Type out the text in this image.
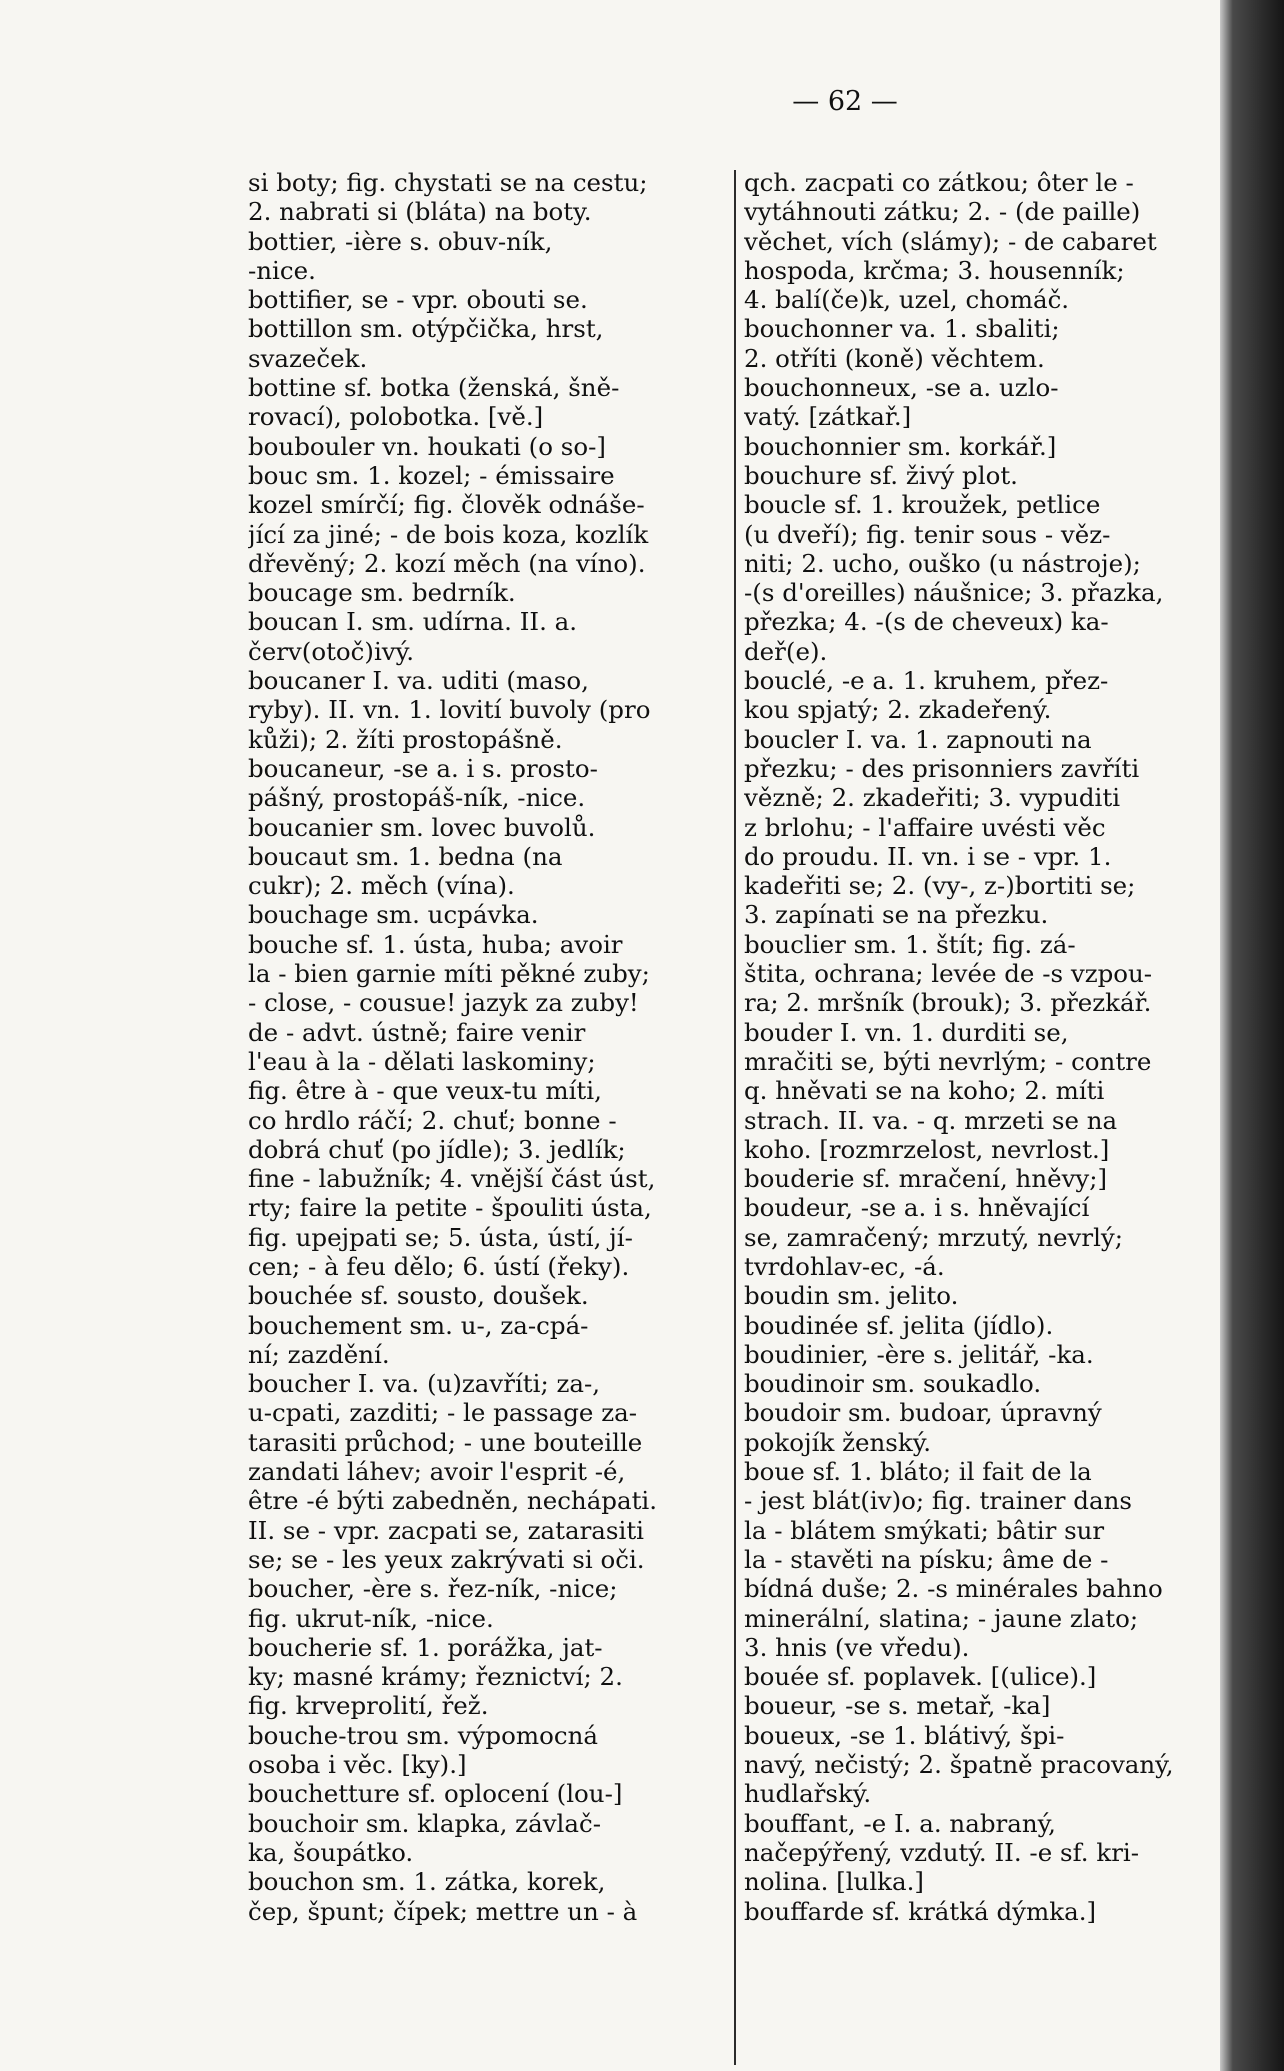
— 62 —
si boty; fig. chystati se na cestu;
2. nabrati si (bláta) na boty.
bottier, -ière s. obuv-ník,
-nice.
bottifier, se - vpr. obouti se.
bottillon sm. otýpčička, hrst,
svazeček.
bottine sf. botka (ženská, šně-
rovací), polobotka. [vě.]
boubouler vn. houkati (o so-]
bouc sm. 1. kozel; - émissaire
kozel smírčí; fig. člověk odnáše-
jící za jiné; - de bois koza, kozlík
dřevěný; 2. kozí měch (na víno).
boucage sm. bedrník.
boucan I. sm. udírna. II. a.
červ(otoč)ivý.
boucaner I. va. uditi (maso,
ryby). II. vn. 1. lovití buvoly (pro
kůži); 2. žíti prostopášně.
boucaneur, -se a. i s. prosto-
pášný, prostopáš-ník, -nice.
boucanier sm. lovec buvolů.
boucaut sm. 1. bedna (na
cukr); 2. měch (vína).
bouchage sm. ucpávka.
bouche sf. 1. ústa, huba; avoir
la - bien garnie míti pěkné zuby;
- close, - cousue! jazyk za zuby!
de - advt. ústně; faire venir
l'eau à la - dělati laskominy;
fig. être à - que veux-tu míti,
co hrdlo ráčí; 2. chuť; bonne -
dobrá chuť (po jídle); 3. jedlík;
fine - labužník; 4. vnější část úst,
rty; faire la petite - špouliti ústa,
fig. upejpati se; 5. ústa, ústí, jí-
cen; - à feu dělo; 6. ústí (řeky).
bouchée sf. sousto, doušek.
bouchement sm. u-, za-cpá-
ní; zazdění.
boucher I. va. (u)zavříti; za-,
u-cpati, zazditi; - le passage za-
tarasiti průchod; - une bouteille
zandati láhev; avoir l'esprit -é,
être -é býti zabedněn, nechápati.
II. se - vpr. zacpati se, zatarasiti
se; se - les yeux zakrývati si oči.
boucher, -ère s. řez-ník, -nice;
fig. ukrut-ník, -nice.
boucherie sf. 1. porážka, jat-
ky; masné krámy; řeznictví; 2.
fig. krveprolití, řež.
bouche-trou sm. výpomocná
osoba i věc. [ky).]
bouchetture sf. oplocení (lou-]
bouchoir sm. klapka, závlač-
ka, šoupátko.
bouchon sm. 1. zátka, korek,
čep, špunt; čípek; mettre un - à
qch. zacpati co zátkou; ôter le -
vytáhnouti zátku; 2. - (de paille)
věchet, vích (slámy); - de cabaret
hospoda, krčma; 3. housenník;
4. balí(če)k, uzel, chomáč.
bouchonner va. 1. sbaliti;
2. otříti (koně) věchtem.
bouchonneux, -se a. uzlo-
vatý. [zátkař.]
bouchonnier sm. korkář.]
bouchure sf. živý plot.
boucle sf. 1. kroužek, petlice
(u dveří); fig. tenir sous - věz-
niti; 2. ucho, ouško (u nástroje);
-(s d'oreilles) náušnice; 3. přazka,
přezka; 4. -(s de cheveux) ka-
deř(e).
bouclé, -e a. 1. kruhem, přez-
kou spjatý; 2. zkadeřený.
boucler I. va. 1. zapnouti na
přezku; - des prisonniers zavříti
vězně; 2. zkadeřiti; 3. vypuditi
z brlohu; - l'affaire uvésti věc
do proudu. II. vn. i se - vpr. 1.
kadeřiti se; 2. (vy-, z-)bortiti se;
3. zapínati se na přezku.
bouclier sm. 1. štít; fig. zá-
štita, ochrana; levée de -s vzpou-
ra; 2. mršník (brouk); 3. přezkář.
bouder I. vn. 1. durditi se,
mračiti se, býti nevrlým; - contre
q. hněvati se na koho; 2. míti
strach. II. va. - q. mrzeti se na
koho. [rozmrzelost, nevrlost.]
bouderie sf. mračení, hněvy;]
boudeur, -se a. i s. hněvající
se, zamračený; mrzutý, nevrlý;
tvrdohlav-ec, -á.
boudin sm. jelito.
boudinée sf. jelita (jídlo).
boudinier, -ère s. jelitář, -ka.
boudinoir sm. soukadlo.
boudoir sm. budoar, úpravný
pokojík ženský.
boue sf. 1. bláto; il fait de la
- jest blát(iv)o; fig. trainer dans
la - blátem smýkati; bâtir sur
la - stavěti na písku; âme de -
bídná duše; 2. -s minérales bahno
minerální, slatina; - jaune zlato;
3. hnis (ve vředu).
bouée sf. poplavek. [(ulice).]
boueur, -se s. metař, -ka]
boueux, -se 1. blátivý, špi-
navý, nečistý; 2. špatně pracovaný,
hudlařský.
bouffant, -e I. a. nabraný,
načepýřený, vzdutý. II. -e sf. kri-
nolina. [lulka.]
bouffarde sf. krátká dýmka.]
